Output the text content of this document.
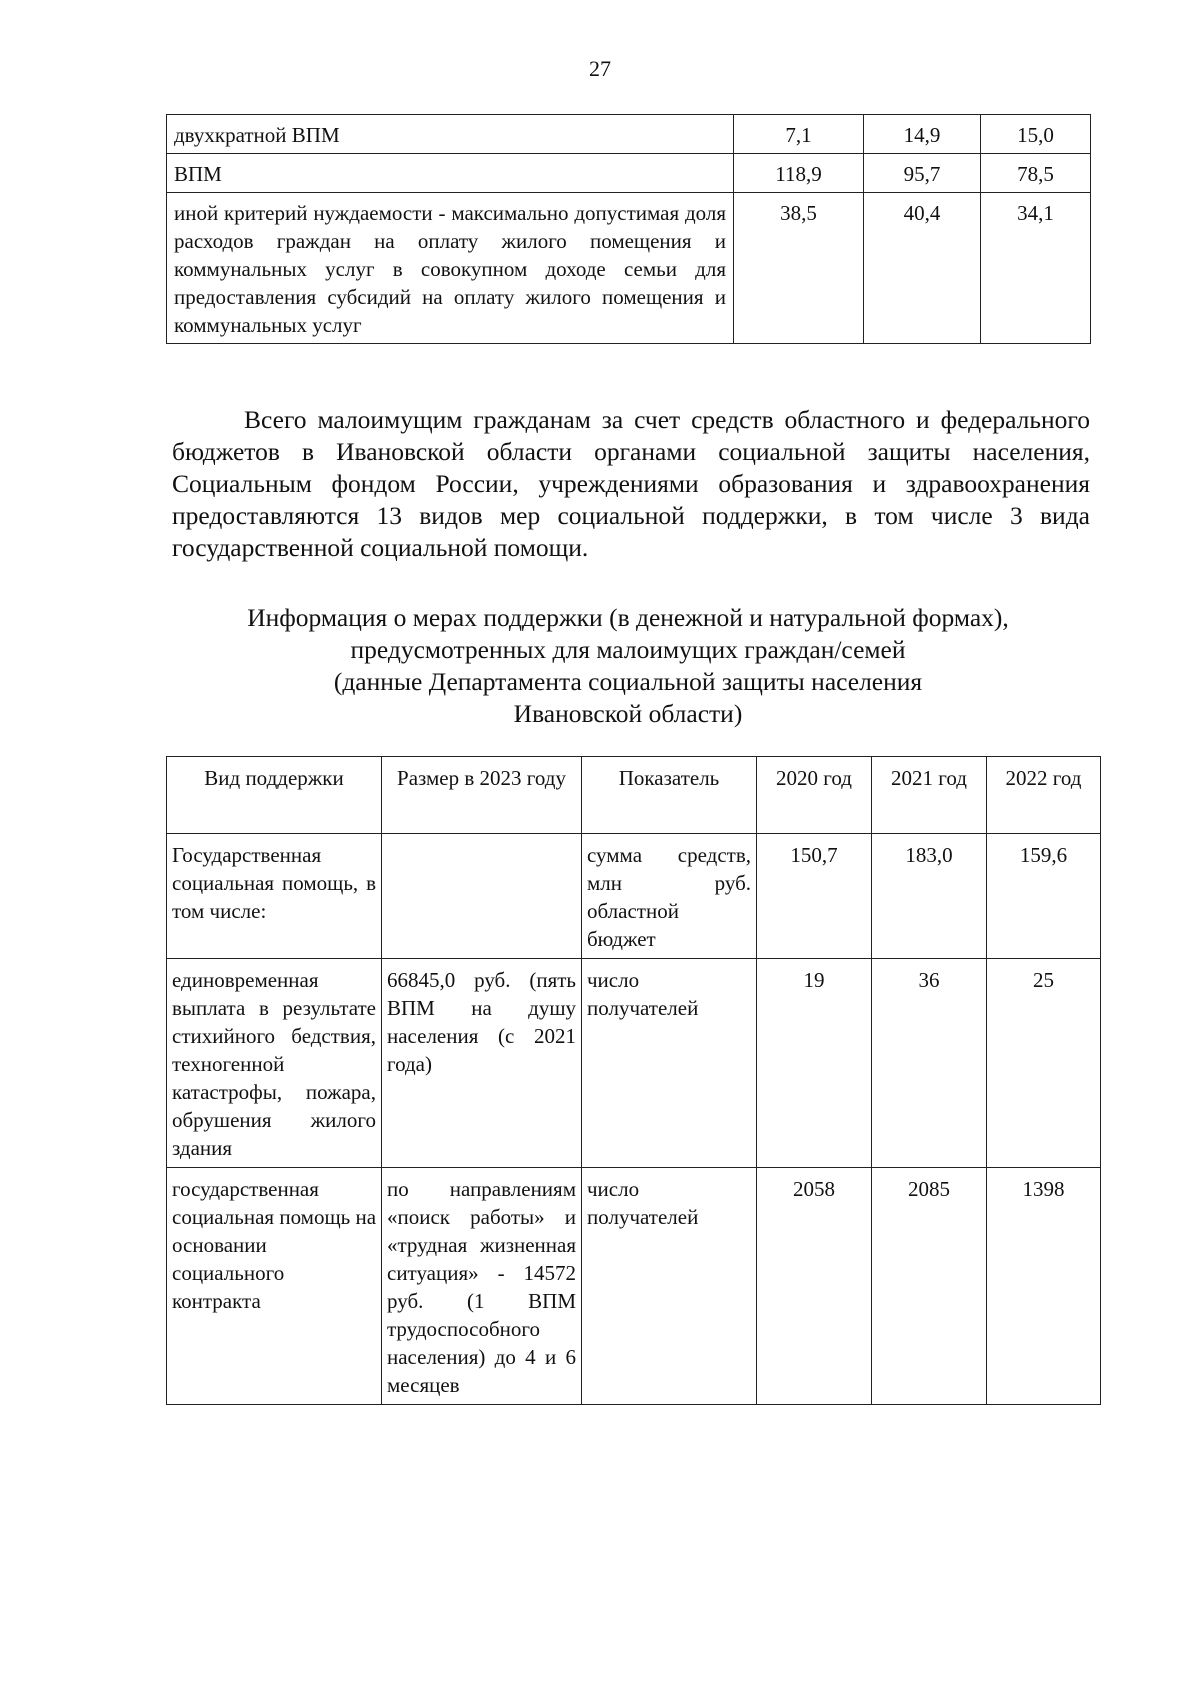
27
двухкратной ВПМ	7,1	14,9	15,0
ВПМ	118,9	95,7	78,5
иной критерий нуждаемости - максимально допустимая доля расходов граждан на оплату жилого помещения и коммунальных услуг в совокупном доходе семьи для предоставления субсидий на оплату жилого помещения и коммунальных услуг	38,5	40,4	34,1

Всего малоимущим гражданам за счет средств областного и федерального бюджетов в Ивановской области органами социальной защиты населения, Социальным фондом России, учреждениями образования и здравоохранения предоставляются 13 видов мер социальной поддержки, в том числе 3 вида государственной социальной помощи.

Информация о мерах поддержки (в денежной и натуральной формах),
предусмотренных для малоимущих граждан/семей
(данные Департамента социальной защиты населения
Ивановской области)
Вид поддержки	Размер в 2023 году	Показатель	2020 год	2021 год	2022 год
Государственная социальная помощь, в том числе:		сумма средств, млн руб. областной бюджет	150,7	183,0	159,6
единовременная выплата в результате стихийного бедствия, техногенной катастрофы, пожара, обрушения жилого здания	66845,0 руб. (пять ВПМ на душу населения (с 2021 года)	число получателей	19	36	25
государственная социальная помощь на основании социального контракта	по направлениям «поиск работы» и «трудная жизненная ситуация» - 14572 руб. (1 ВПМ трудоспособного населения) до 4 и 6 месяцев	число получателей	2058	2085	1398
